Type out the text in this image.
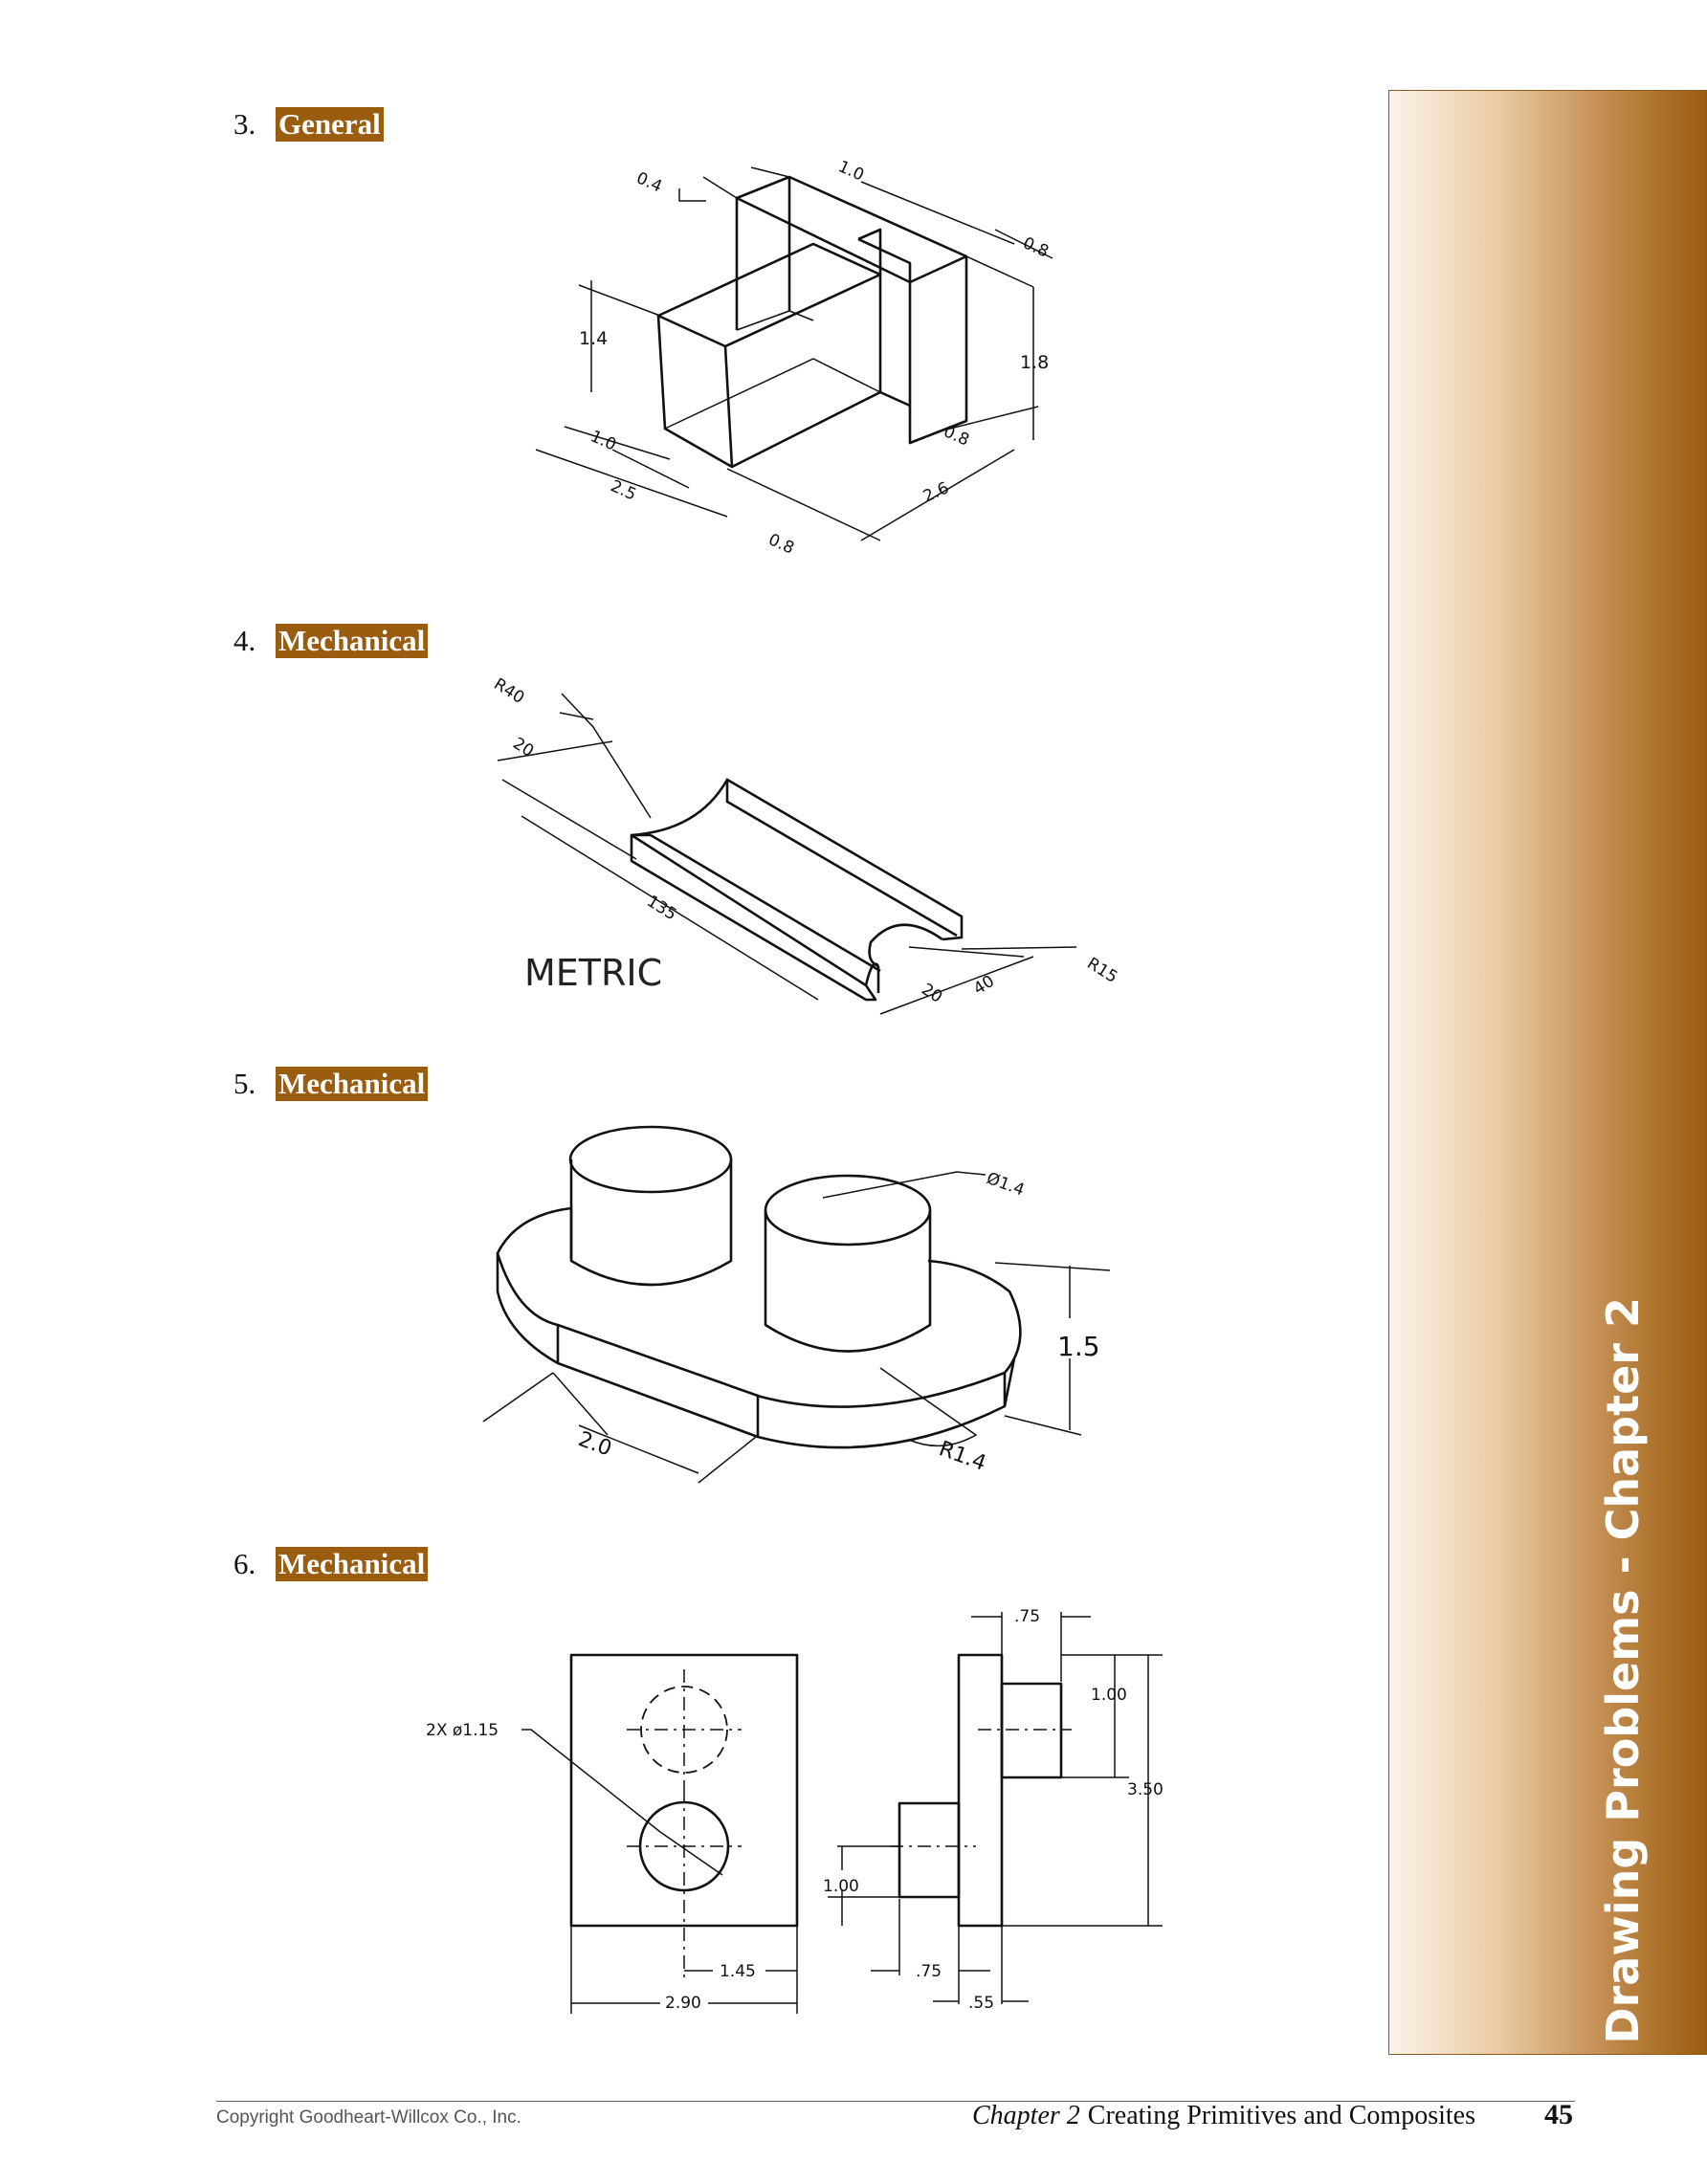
3. General
4. Mechanical
5. Mechanical
6. Mechanical
0.4	1.0
0.8
1.4
1.8
1.0	0.8
2.5	2.6
0.8
R40
20
135
R15
20 40
METRIC
Ø1.4
1.5
2.0	R1.4
.75
1.00
3.50
2X ø1.15
1.00
.75
.55
1.45
2.90	Drawing Problems - Chapter 2
Copyright Goodheart-Willcox Co., Inc.	Chapter 2 Creating Primitives and Composites 45
